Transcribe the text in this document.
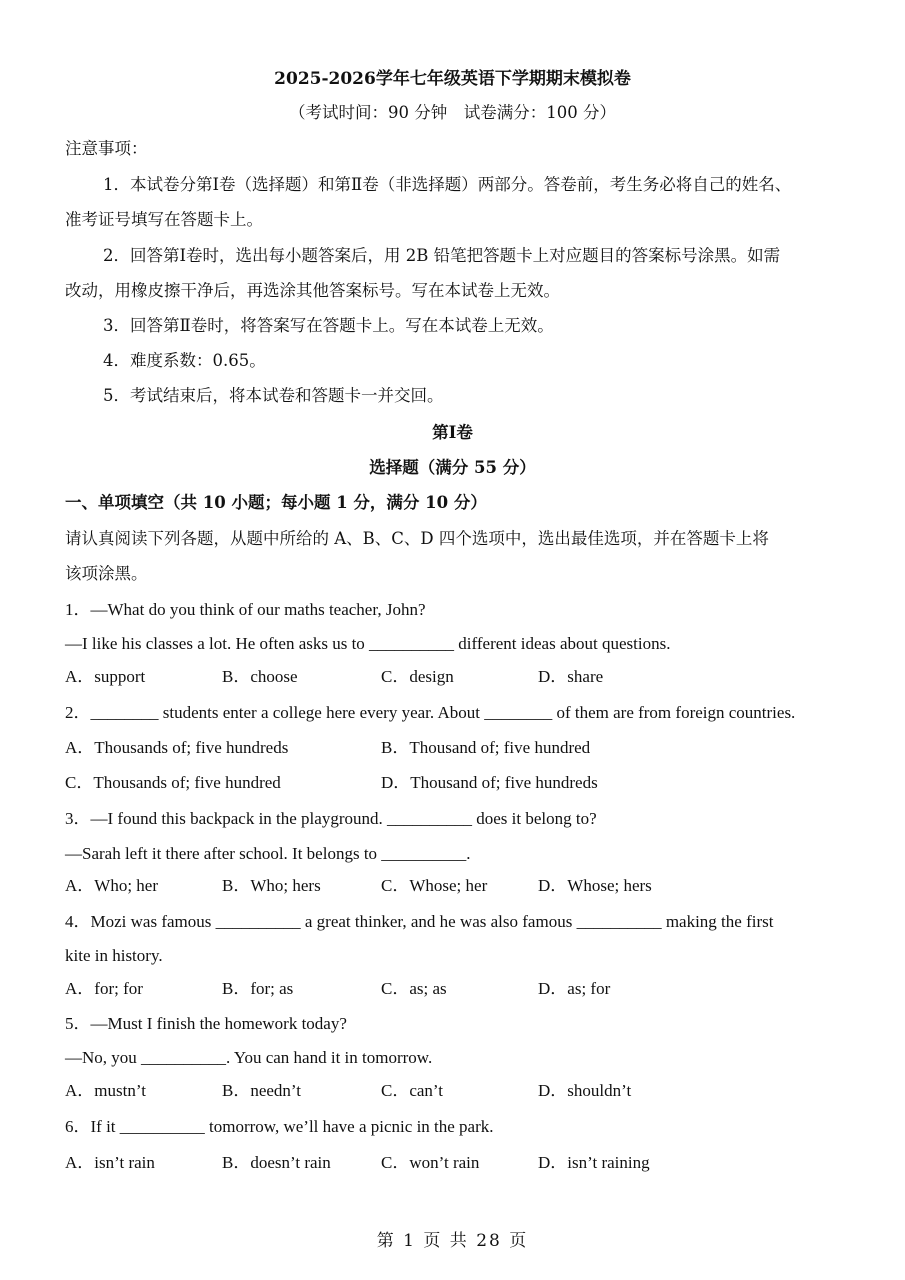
2025-2026学年七年级英语下学期期末模拟卷
（考试时间：90 分钟　试卷满分：100 分）
注意事项：
1．本试卷分第Ⅰ卷（选择题）和第Ⅱ卷（非选择题）两部分。答卷前，考生务必将自己的姓名、
准考证号填写在答题卡上。
2．回答第Ⅰ卷时，选出每小题答案后，用 2B 铅笔把答题卡上对应题目的答案标号涂黑。如需
改动，用橡皮擦干净后，再选涂其他答案标号。写在本试卷上无效。
3．回答第Ⅱ卷时，将答案写在答题卡上。写在本试卷上无效。
4．难度系数：0.65。
5．考试结束后，将本试卷和答题卡一并交回。
第Ⅰ卷
选择题（满分 55 分）
一、单项填空（共 10 小题；每小题 1 分，满分 10 分）
请认真阅读下列各题，从题中所给的 A、B、C、D 四个选项中，选出最佳选项，并在答题卡上将
该项涂黑。
1．—What do you think of our maths teacher, John?
—I like his classes a lot. He often asks us to __________ different ideas about questions.
A．support	B．choose	C．design	D．share
2．________ students enter a college here every year. About ________ of them are from foreign countries.
A．Thousands of; five hundreds	B．Thousand of; five hundred
C．Thousands of; five hundred	D．Thousand of; five hundreds
3．—I found this backpack in the playground. __________ does it belong to?
—Sarah left it there after school. It belongs to __________.
A．Who; her	B．Who; hers	C．Whose; her	D．Whose; hers
4．Mozi was famous __________ a great thinker, and he was also famous __________ making the first
kite in history.
A．for; for	B．for; as	C．as; as	D．as; for
5．—Must I finish the homework today?
—No, you __________. You can hand it in tomorrow.
A．mustn’t	B．needn’t	C．can’t	D．shouldn’t
6．If it __________ tomorrow, we’ll have a picnic in the park.
A．isn’t rain	B．doesn’t rain	C．won’t rain	D．isn’t raining
第 1 页 共 28 页
